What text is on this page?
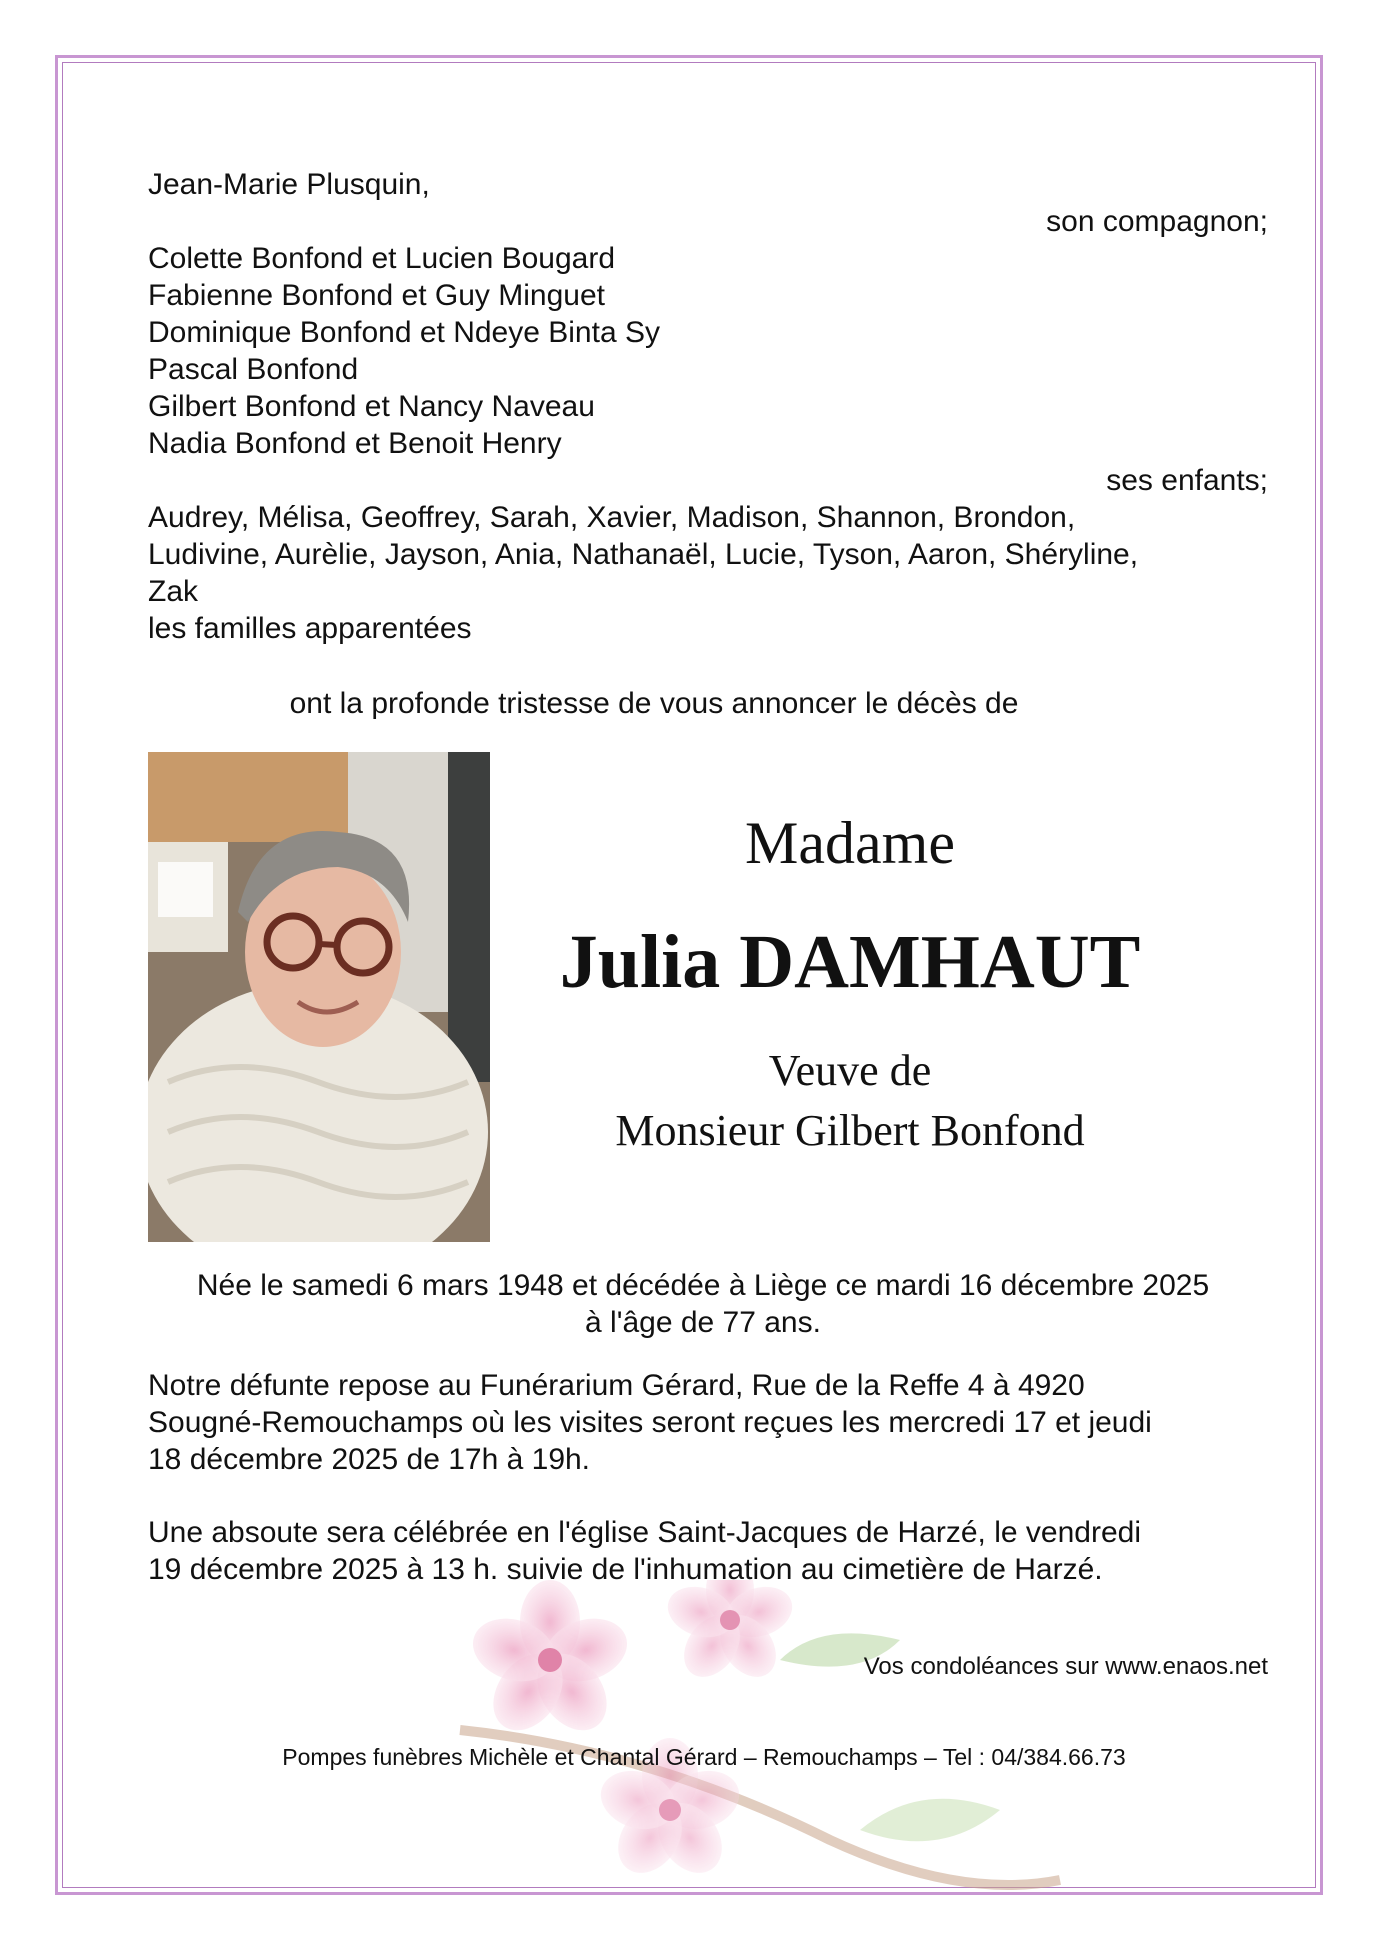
Jean-Marie Plusquin,
son compagnon;
Colette Bonfond et Lucien Bougard
Fabienne Bonfond et Guy Minguet
Dominique Bonfond et Ndeye Binta Sy
Pascal Bonfond
Gilbert Bonfond et Nancy Naveau
Nadia Bonfond et Benoit Henry
ses enfants;
Audrey, Mélisa, Geoffrey, Sarah, Xavier, Madison, Shannon, Brondon,
Ludivine, Aurèlie, Jayson, Ania, Nathanaël, Lucie, Tyson, Aaron, Shéryline,
Zak
les familles apparentées
ont la profonde tristesse de vous annoncer le décès de
Madame
Julia DAMHAUT
Veuve de
Monsieur Gilbert Bonfond
Née le samedi 6 mars 1948 et décédée à Liège ce mardi 16 décembre 2025
à l'âge de 77 ans.
Notre défunte repose au Funérarium Gérard, Rue de la Reffe 4 à 4920
Sougné-Remouchamps où les visites seront reçues les mercredi 17 et jeudi
18 décembre 2025 de 17h à 19h.
Une absoute sera célébrée en l'église Saint-Jacques de Harzé, le vendredi
19 décembre 2025 à 13 h. suivie de l'inhumation au cimetière de Harzé.
Vos condoléances sur www.enaos.net
Pompes funèbres Michèle et Chantal Gérard – Remouchamps – Tel : 04/384.66.73
